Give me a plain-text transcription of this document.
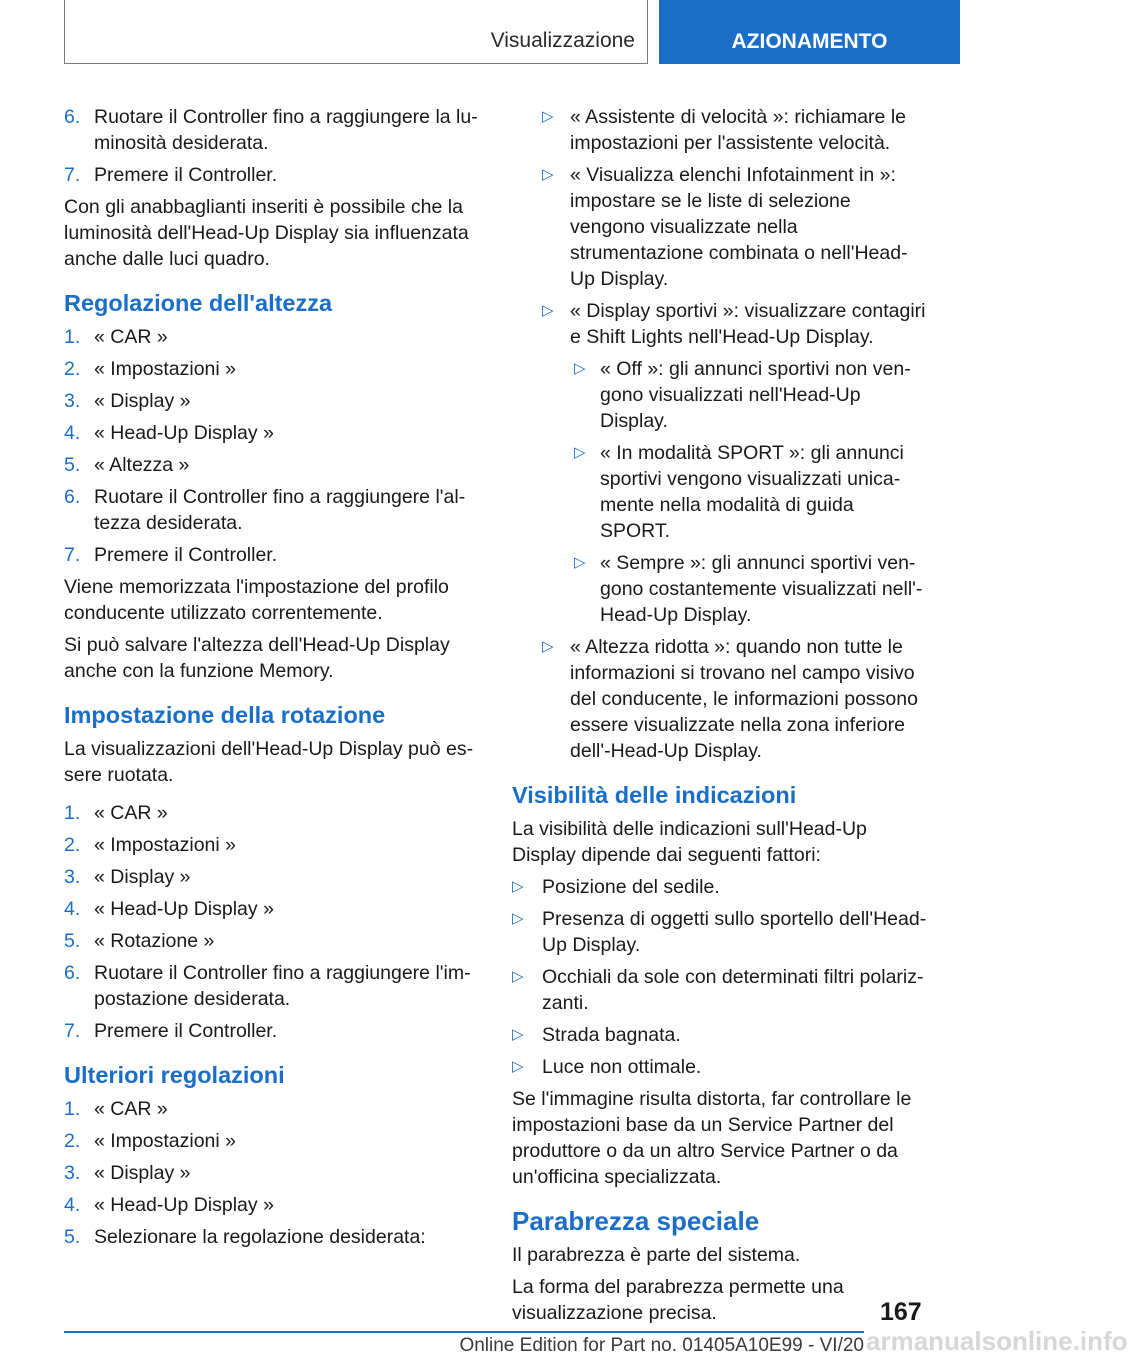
Visualizzazione	AZIONAMENTO
6. Ruotare il Controller fino a raggiungere la luminosità desiderata.
7. Premere il Controller.

Con gli anabbaglianti inseriti è possibile che la luminosità dell'Head-Up Display sia influenzata anche dalle luci quadro.

Regolazione dell'altezza
1. « CAR »
2. « Impostazioni »
3. « Display »
4. « Head-Up Display »
5. « Altezza »
6. Ruotare il Controller fino a raggiungere l'altezza desiderata.
7. Premere il Controller.

Viene memorizzata l'impostazione del profilo conducente utilizzato correntemente.

Si può salvare l'altezza dell'Head-Up Display anche con la funzione Memory.

Impostazione della rotazione

La visualizzazioni dell'Head-Up Display può essere ruotata.

1. « CAR »
2. « Impostazioni »
3. « Display »
4. « Head-Up Display »
5. « Rotazione »
6. Ruotare il Controller fino a raggiungere l'impostazione desiderata.
7. Premere il Controller.
Ulteriori regolazioni
1. « CAR »
2. « Impostazioni »
3. « Display »
4. « Head-Up Display »
5. Selezionare la regolazione desiderata:
▷ « Assistente di velocità »: richiamare le impostazioni per l'assistente velocità.
▷ « Visualizza elenchi Infotainment in »: impostare se le liste di selezione vengono visualizzate nella strumentazione combinata o nell'Head-Up Display.
▷ « Display sportivi »: visualizzare contagiri e Shift Lights nell'Head-Up Display.
▷ « Off »: gli annunci sportivi non vengono visualizzati nell'Head-Up Display.
▷ « In modalità SPORT »: gli annunci sportivi vengono visualizzati unicamente nella modalità di guida SPORT.
▷ « Sempre »: gli annunci sportivi vengono costantemente visualizzati nell'-Head-Up Display.
▷ « Altezza ridotta »: quando non tutte le informazioni si trovano nel campo visivo del conducente, le informazioni possono essere visualizzate nella zona inferiore dell'-Head-Up Display.
Visibilità delle indicazioni

La visibilità delle indicazioni sull'Head-Up Display dipende dai seguenti fattori:

▷ Posizione del sedile.
▷ Presenza di oggetti sullo sportello dell'Head-Up Display.
▷ Occhiali da sole con determinati filtri polarizzanti.
▷ Strada bagnata.
▷ Luce non ottimale.

Se l'immagine risulta distorta, far controllare le impostazioni base da un Service Partner del produttore o da un altro Service Partner o da un'officina specializzata.

Parabrezza speciale

Il parabrezza è parte del sistema.

La forma del parabrezza permette una visualizzazione precisa.	167
Online Edition for Part no. 01405A10E99 - VI/20 armanualsonline.info
